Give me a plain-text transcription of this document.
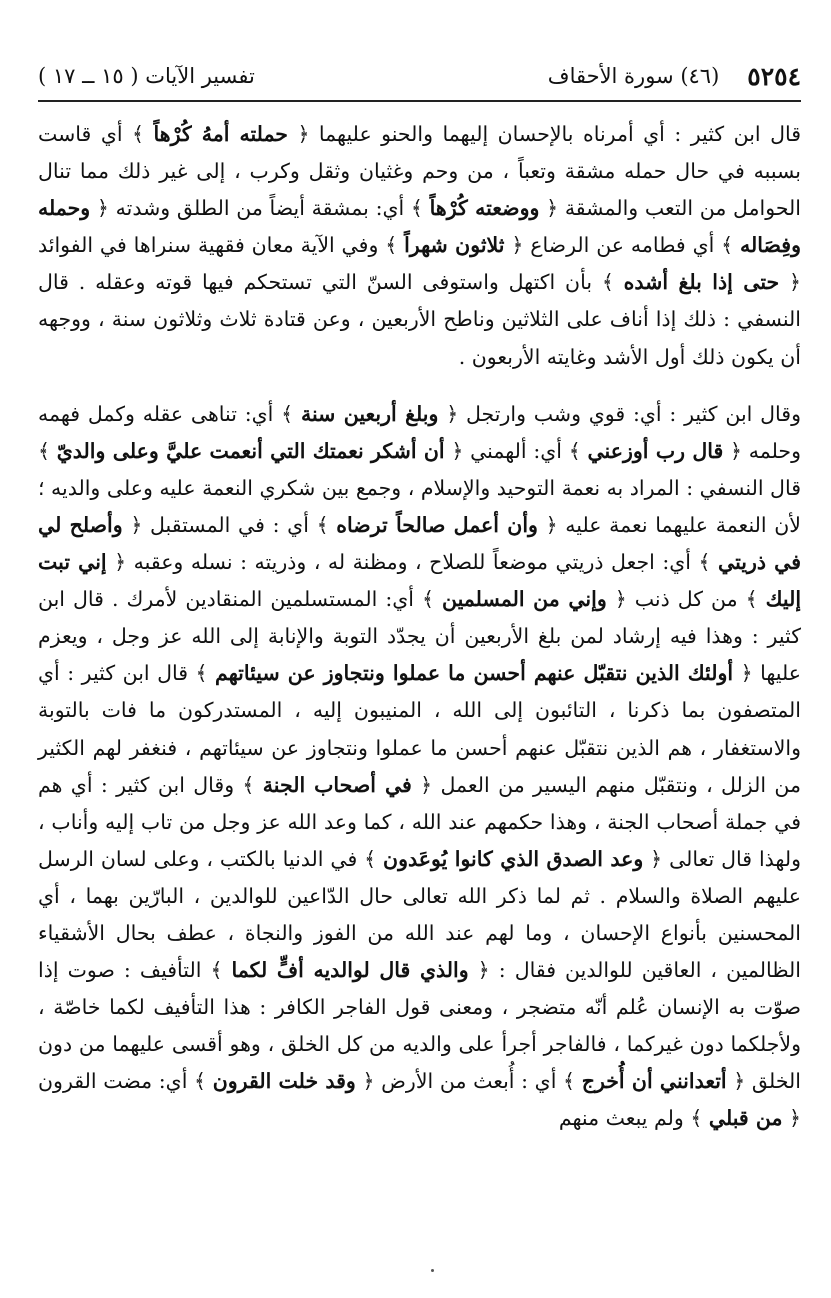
٥٢٥٤
(٤٦) سورة الأحقاف
تفسير الآيات ( ١٥ ــ ١٧ )

قال ابن كثير : أي أمرناه بالإحسان إليهما والحنو عليهما ﴿ حملته أمهُ كُرْهاً ﴾ أي قاست بسببه في حال حمله مشقة وتعباً ، من وحم وغثيان وثقل وكرب ، إلى غير ذلك مما تنال الحوامل من التعب والمشقة ﴿ ووضعته كُرْهاً ﴾ أي: بمشقة أيضاً من الطلق وشدته ﴿ وحمله وفِصَاله ﴾ أي فطامه عن الرضاع ﴿ ثلاثون شهراً ﴾ وفي الآية معان فقهية سنراها في الفوائد ﴿ حتى إذا بلغ أشده ﴾ بأن اكتهل واستوفى السنّ التي تستحكم فيها قوته وعقله . قال النسفي : ذلك إذا أناف على الثلاثين وناطح الأربعين ، وعن قتادة ثلاث وثلاثون سنة ، ووجهه أن يكون ذلك أول الأشد وغايته الأربعون .

وقال ابن كثير : أي: قوي وشب وارتجل ﴿ وبلغ أربعين سنة ﴾ أي: تناهى عقله وكمل فهمه وحلمه ﴿ قال رب أوزعني ﴾ أي: ألهمني ﴿ أن أشكر نعمتك التي أنعمت عليَّ وعلى والديّ ﴾ قال النسفي : المراد به نعمة التوحيد والإسلام ، وجمع بين شكري النعمة عليه وعلى والديه ؛ لأن النعمة عليهما نعمة عليه ﴿ وأن أعمل صالحاً ترضاه ﴾ أي : في المستقبل ﴿ وأصلح لي في ذريتي ﴾ أي: اجعل ذريتي موضعاً للصلاح ، ومظنة له ، وذريته : نسله وعقبه ﴿ إني تبت إليك ﴾ من كل ذنب ﴿ وإني من المسلمين ﴾ أي: المستسلمين المنقادين لأمرك . قال ابن كثير : وهذا فيه إرشاد لمن بلغ الأربعين أن يجدّد التوبة والإنابة إلى الله عز وجل ، ويعزم عليها ﴿ أولئك الذين نتقبّل عنهم أحسن ما عملوا ونتجاوز عن سيئاتهم ﴾ قال ابن كثير : أي المتصفون بما ذكرنا ، التائبون إلى الله ، المنيبون إليه ، المستدركون ما فات بالتوبة والاستغفار ، هم الذين نتقبّل عنهم أحسن ما عملوا ونتجاوز عن سيئاتهم ، فنغفر لهم الكثير من الزلل ، ونتقبّل منهم اليسير من العمل ﴿ في أصحاب الجنة ﴾ وقال ابن كثير : أي هم في جملة أصحاب الجنة ، وهذا حكمهم عند الله ، كما وعد الله عز وجل من تاب إليه وأناب ، ولهذا قال تعالى ﴿ وعد الصدق الذي كانوا يُوعَدون ﴾ في الدنيا بالكتب ، وعلى لسان الرسل عليهم الصلاة والسلام . ثم لما ذكر الله تعالى حال الدّاعين للوالدين ، البارّين بهما ، أي المحسنين بأنواع الإحسان ، وما لهم عند الله من الفوز والنجاة ، عطف بحال الأشقياء الظالمين ، العاقين للوالدين فقال : ﴿ والذي قال لوالديه أفٍّ لكما ﴾ التأفيف : صوت إذا صوّت به الإنسان عُلم أنّه متضجر ، ومعنى قول الفاجر الكافر : هذا التأفيف لكما خاصّة ، ولأجلكما دون غيركما ، فالفاجر أجرأ على والديه من كل الخلق ، وهو أقسى عليهما من دون الخلق ﴿ أتعدانني أن أُخرج ﴾ أي : أُبعث من الأرض ﴿ وقد خلت القرون ﴾ أي: مضت القرون ﴿ من قبلي ﴾ ولم يبعث منهم
